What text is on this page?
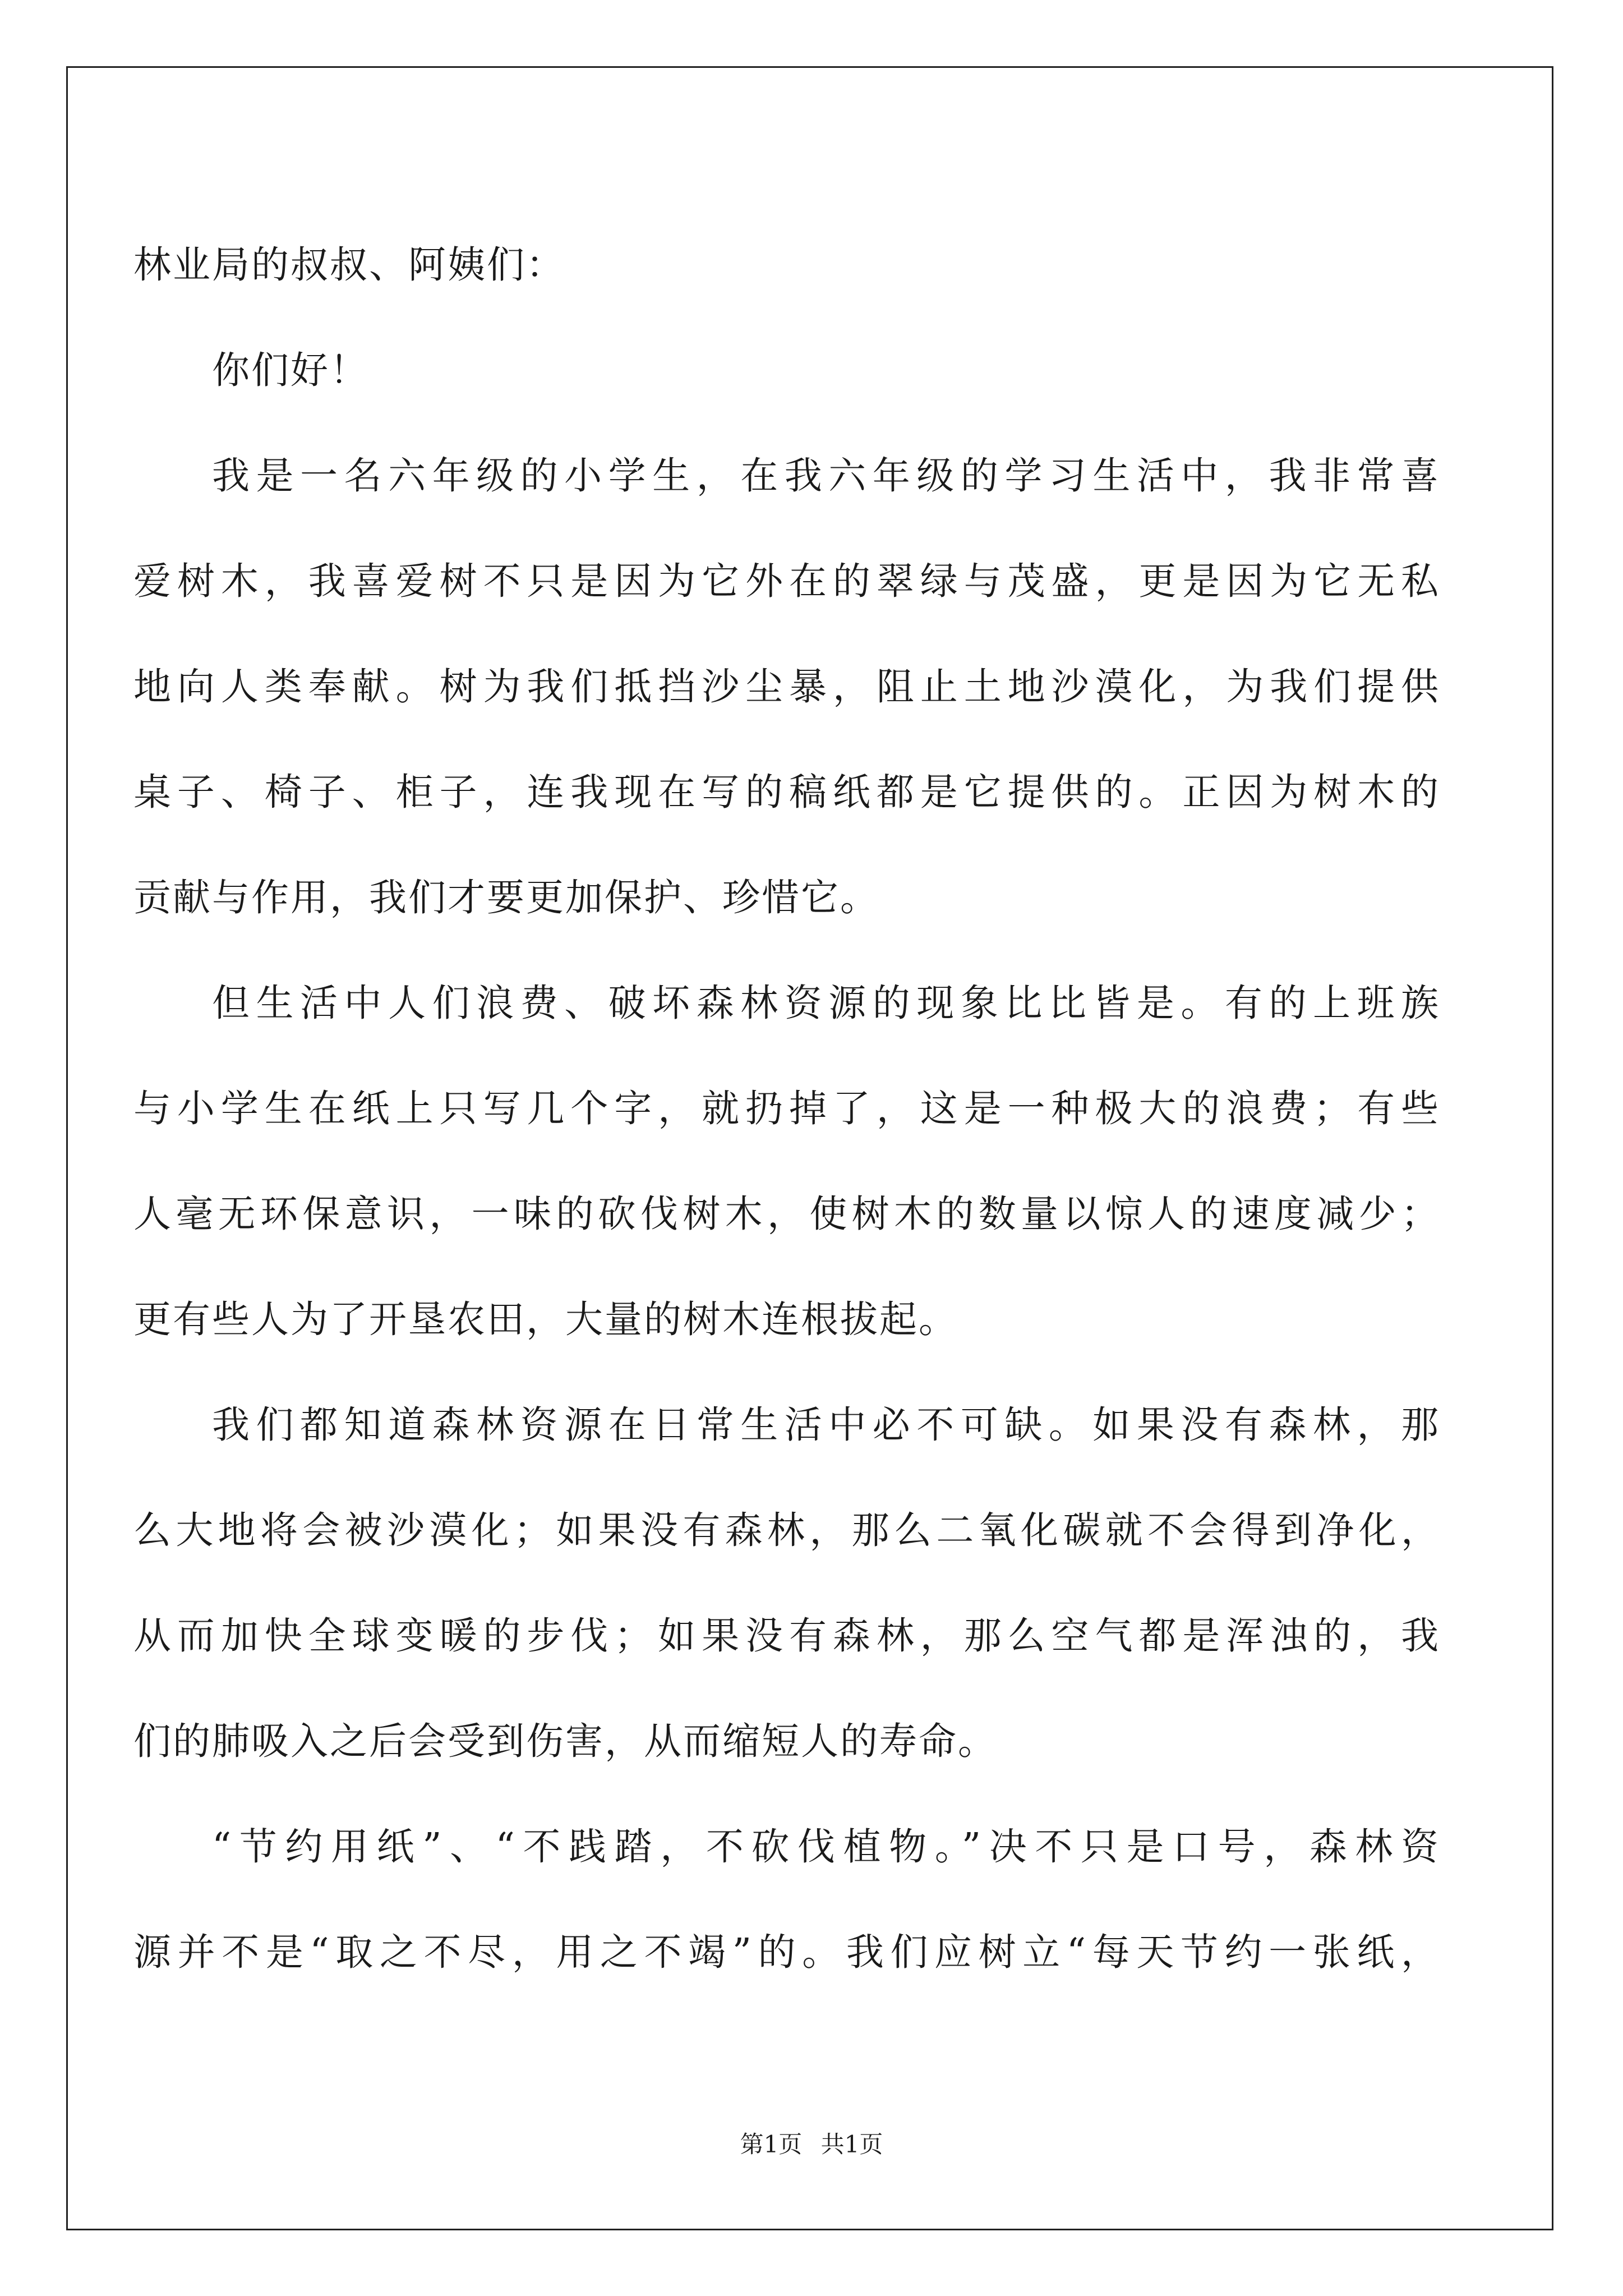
林业局的叔叔、阿姨们：
你们好！
我是一名六年级的小学生，在我六年级的学习生活中，我非常喜
爱树木，我喜爱树不只是因为它外在的翠绿与茂盛，更是因为它无私
地向人类奉献。树为我们抵挡沙尘暴，阻止土地沙漠化，为我们提供
桌子、椅子、柜子，连我现在写的稿纸都是它提供的。正因为树木的
贡献与作用，我们才要更加保护、珍惜它。
但生活中人们浪费、破坏森林资源的现象比比皆是。有的上班族
与小学生在纸上只写几个字，就扔掉了，这是一种极大的浪费；有些
人毫无环保意识，一味的砍伐树木，使树木的数量以惊人的速度减少；
更有些人为了开垦农田，大量的树木连根拔起。
我们都知道森林资源在日常生活中必不可缺。如果没有森林，那
么大地将会被沙漠化；如果没有森林，那么二氧化碳就不会得到净化，
从而加快全球变暖的步伐；如果没有森林，那么空气都是浑浊的，我
们的肺吸入之后会受到伤害，从而缩短人的寿命。
“节约用纸”、“不践踏，不砍伐植物。”决不只是口号，森林资
源并不是“取之不尽，用之不竭”的。我们应树立“每天节约一张纸，
第1页 共1页
